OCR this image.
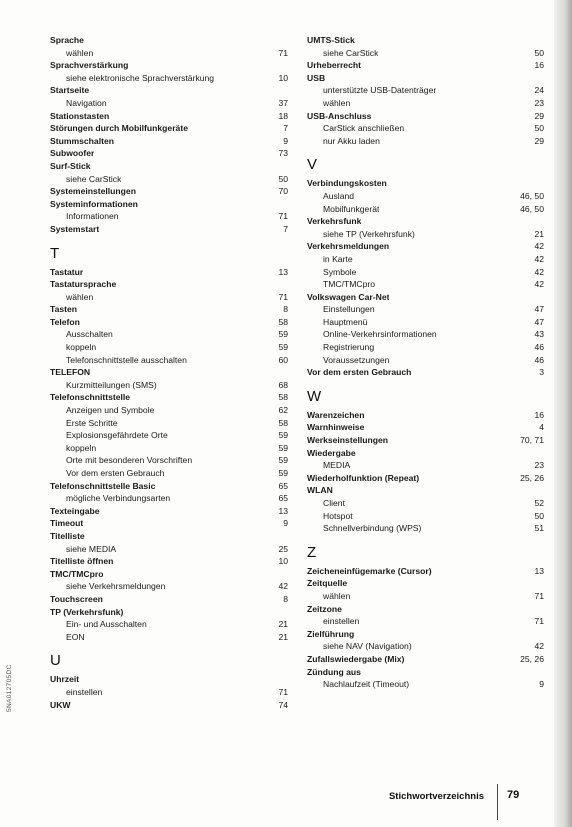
Sprache
wählen	71
Sprachverstärkung
siehe elektronische Sprachverstärkung	10
Startseite
Navigation	37
Stationstasten	18
Störungen durch Mobilfunkgeräte	7
Stummschalten	9
Subwoofer	73
Surf-Stick
siehe CarStick	50
Systemeinstellungen	70
Systeminformationen
Informationen	71
Systemstart	7
T
Tastatur	13
Tastatursprache
wählen	71
Tasten	8
Telefon	58
Ausschalten	59
koppeln	59
Telefonschnittstelle ausschalten	60
TELEFON
Kurzmitteilungen (SMS)	68
Telefonschnittstelle	58
Anzeigen und Symbole	62
Erste Schritte	58
Explosionsgefährdete Orte	59
koppeln	59
Orte mit besonderen Vorschriften	59
Vor dem ersten Gebrauch	59
Telefonschnittstelle Basic	65
mögliche Verbindungsarten	65
Texteingabe	13
Timeout	9
Titelliste
siehe MEDIA	25
Titelliste öffnen	10
TMC/TMCpro
siehe Verkehrsmeldungen	42
Touchscreen	8
TP (Verkehrsfunk)
Ein- und Ausschalten	21
EON	21
U
Uhrzeit
einstellen	71
UKW	74
UMTS-Stick
siehe CarStick	50
Urheberrecht	16
USB
unterstützte USB-Datenträger	24
wählen	23
USB-Anschluss	29
CarStick anschließen	50
nur Akku laden	29
V
Verbindungskosten
Ausland	46, 50
Mobilfunkgerät	46, 50
Verkehrsfunk
siehe TP (Verkehrsfunk)	21
Verkehrsmeldungen	42
in Karte	42
Symbole	42
TMC/TMCpro	42
Volkswagen Car-Net
Einstellungen	47
Hauptmenü	47
Online-Verkehrsinformationen	43
Registrierung	46
Voraussetzungen	46
Vor dem ersten Gebrauch	3
W
Warenzeichen	16
Warnhinweise	4
Werkseinstellungen	70, 71
Wiedergabe
MEDIA	23
Wiederholfunktion (Repeat)	25, 26
WLAN
Client	52
Hotspot	50
Schnellverbindung (WPS)	51
Z
Zeicheneinfügemarke (Cursor)	13
Zeitquelle
wählen	71
Zeitzone
einstellen	71
Zielführung
siehe NAV (Navigation)	42
Zufallswiedergabe (Mix)	25, 26
Zündung aus
Nachlaufzeit (Timeout)	9
5NA012705DC
Stichwortverzeichnis 79
